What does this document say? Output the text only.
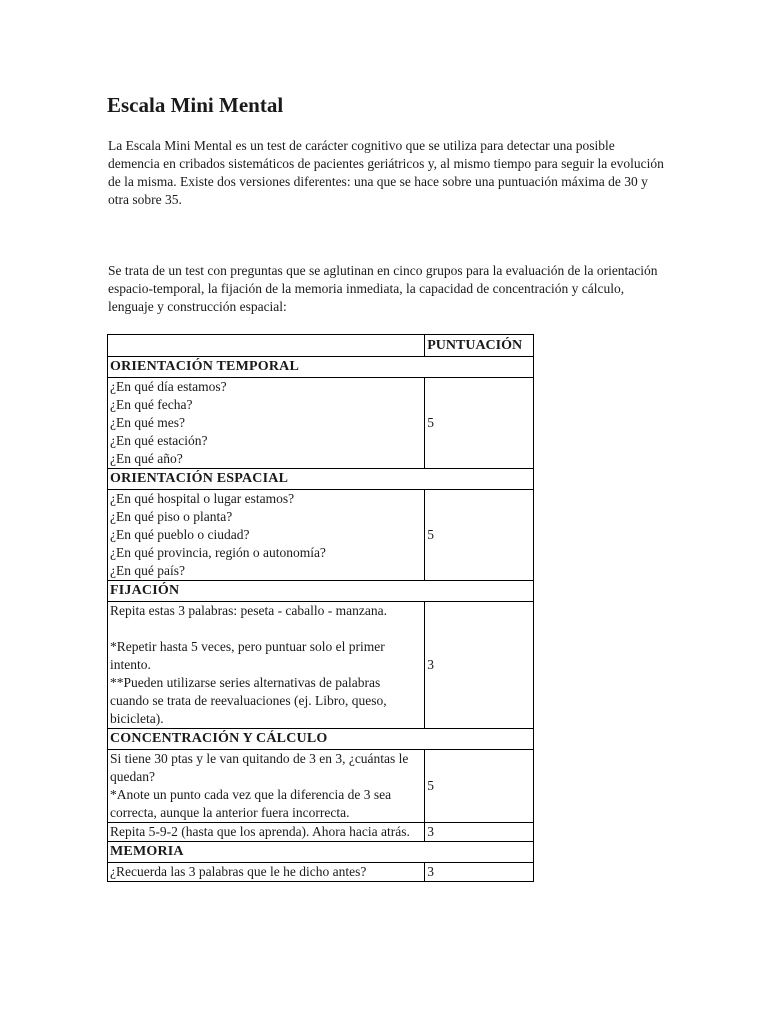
Escala Mini Mental

La Escala Mini Mental es un test de carácter cognitivo que se utiliza para detectar una posible demencia en cribados sistemáticos de pacientes geriátricos y, al mismo tiempo para seguir la evolución de la misma. Existe dos versiones diferentes: una que se hace sobre una puntuación máxima de 30 y otra sobre 35.

Se trata de un test con preguntas que se aglutinan en cinco grupos para la evaluación de la orientación espacio-temporal, la fijación de la memoria inmediata, la capacidad de concentración y cálculo, lenguaje y construcción espacial:

	PUNTUACIÓN
ORIENTACIÓN TEMPORAL	

¿En qué día estamos?
¿En qué fecha?
¿En qué mes?
¿En qué estación?
¿En qué año?	5
ORIENTACIÓN ESPACIAL	

¿En qué hospital o lugar estamos?
¿En qué piso o planta?
¿En qué pueblo o ciudad?
¿En qué provincia, región o autonomía?
¿En qué país?	5
FIJACIÓN	

Repita estas 3 palabras: peseta - caballo - manzana.
*Repetir hasta 5 veces, pero puntuar solo el primer intento.
**Pueden utilizarse series alternativas de palabras cuando se trata de reevaluaciones (ej. Libro, queso, bicicleta).	3
CONCENTRACIÓN Y CÁLCULO	

Si tiene 30 ptas y le van quitando de 3 en 3, ¿cuántas le quedan?
*Anote un punto cada vez que la diferencia de 3 sea correcta, aunque la anterior fuera incorrecta.	5
Repita 5-9-2 (hasta que los aprenda). Ahora hacia atrás.	3
MEMORIA	
¿Recuerda las 3 palabras que le he dicho antes?	3
